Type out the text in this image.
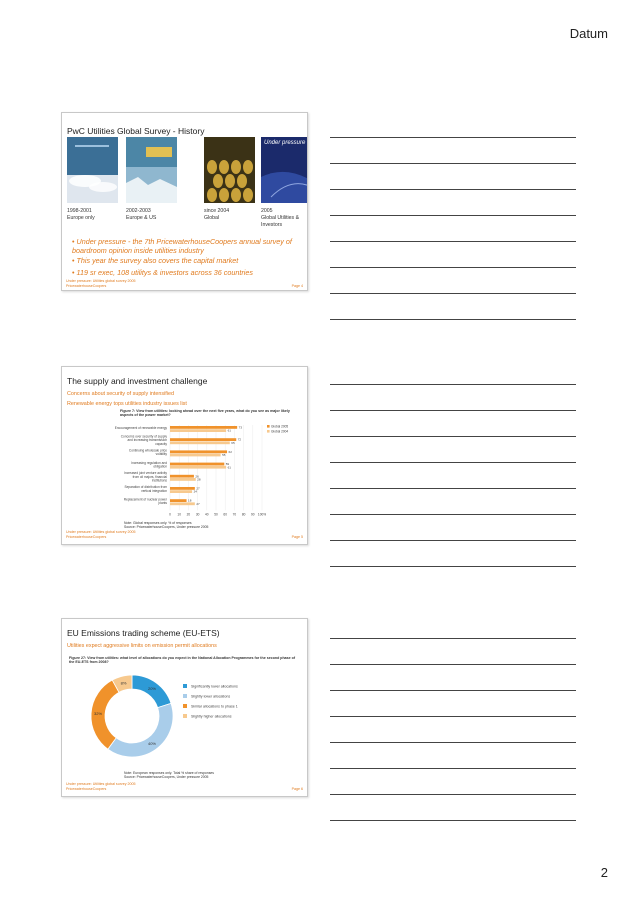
Datum
PwC Utilities Global Survey - History
Under pressure
1998-2001
Europe only
2002-2003
Europe & US
since 2004
Global
2005
Global Utilities & Investors
• Under pressure - the 7th PricewaterhouseCoopers annual survey of boardroom opinion inside utilities industry
• This year the survey also covers the capital market
• 119 sr exec, 108 utilitys & investors across 36 countries
Under pressure: Utilities global survey 2005
PricewaterhouseCoopers	Page 4
The supply and investment challenge
Concerns about security of supply intensified
Renewable energy tops utilities industry issues list
Figure 7: View from utilities: looking ahead over the next five years, what do you see as major likely aspects of the power market?
0 10 20 30 40 50 60 70 80 90 100%
Encouragement of renewable energy	73
61
Concerns over security of supply
and increasing transmission
capacity
72
65
Continuing wholesale price
volatility
62
55
Increasing regulation and
obligation
59
61
Increased joint venture activity
from oil majors, financial
institutions
26
28
Separation of distribution from
vertical integration
27
24
Replacement of nuclear power
plants
18
27
Global 2005
Global 2004
Note: Global responses only. % of responses
Source: PricewaterhouseCoopers, Under pressure 2005
Under pressure: Utilities global survey 2005
PricewaterhouseCoopers	Page 5
EU Emissions trading scheme (EU-ETS)
Utilities expect aggressive limits on emission permit allocations
Figure 27: View from utilities: what level of allocations do you expect in the National Allocation Programmes for the second phase of the EU-ETS from 2008?
20%
40%
32%
8%
Significantly lower allocations
Slightly lower allocations
Similar allocations to phase 1
Slightly higher allocations
Note: European responses only. Total % share of responses
Source: PricewaterhouseCoopers, Under pressure 2005
Under pressure: Utilities global survey 2005
PricewaterhouseCoopers	Page 6
2
